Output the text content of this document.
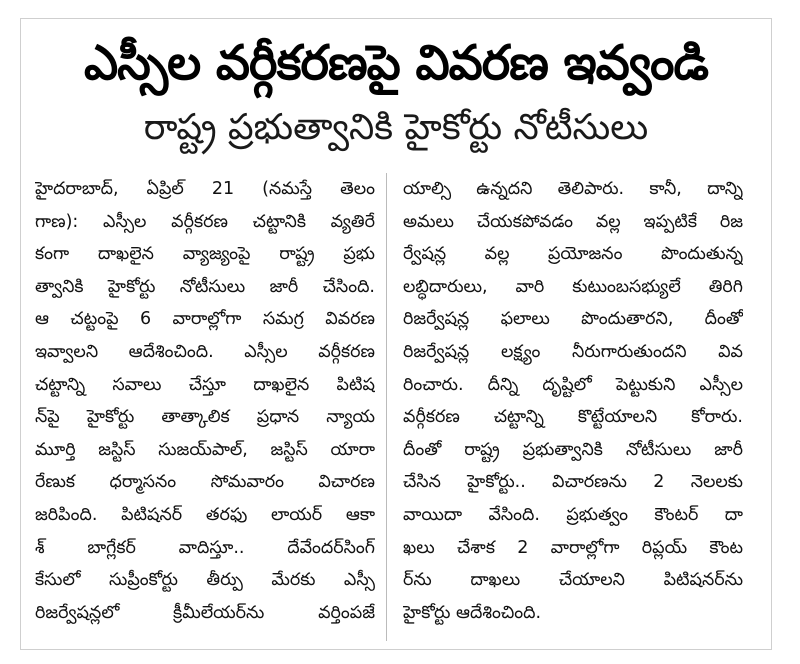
ఎస్సీల వర్గీకరణపై వివరణ ఇవ్వండి
రాష్ట్ర ప్రభుత్వానికి హైకోర్టు నోటీసులు
హైదరాబాద్, ఏప్రిల్ 21 (నమస్తే తెలం
గాణ): ఎస్సీల వర్గీకరణ చట్టానికి వ్యతిరే
కంగా దాఖలైన వ్యాజ్యంపై రాష్ట్ర ప్రభు
త్వానికి హైకోర్టు నోటీసులు జారీ చేసింది.
ఆ చట్టంపై 6 వారాల్లోగా సమగ్ర వివరణ
ఇవ్వాలని ఆదేశించింది. ఎస్సీల వర్గీకరణ
చట్టాన్ని సవాలు చేస్తూ దాఖలైన పిటిష
న్‌పై హైకోర్టు తాత్కాలిక ప్రధాన న్యాయ
మూర్తి జస్టిస్ సుజయ్‌పాల్, జస్టిస్ యారా
రేణుక ధర్మాసనం సోమవారం విచారణ
జరిపింది. పిటిషనర్ తరఫు లాయర్ ఆకా
శ్ బాగ్లేకర్ వాదిస్తూ.. దేవేందర్‌సింగ్
కేసులో సుప్రీంకోర్టు తీర్పు మేరకు ఎస్సీ
రిజర్వేషన్లలో క్రీమీలేయర్‌ను వర్తింపజే
యాల్సి ఉన్నదని తెలిపారు. కానీ, దాన్ని
అమలు చేయకపోవడం వల్ల ఇప్పటికే రిజ
ర్వేషన్ల వల్ల ప్రయోజనం పొందుతున్న
లబ్ధిదారులు, వారి కుటుంబసభ్యులే తిరిగి
రిజర్వేషన్ల ఫలాలు పొందుతారని, దీంతో
రిజర్వేషన్ల లక్ష్యం నీరుగారుతుందని వివ
రించారు. దీన్ని దృష్టిలో పెట్టుకుని ఎస్సీల
వర్గీకరణ చట్టాన్ని కొట్టేయాలని కోరారు.
దీంతో రాష్ట్ర ప్రభుత్వానికి నోటీసులు జారీ
చేసిన హైకోర్టు.. విచారణను 2 నెలలకు
వాయిదా వేసింది. ప్రభుత్వం కౌంటర్ దా
ఖలు చేశాక 2 వారాల్లోగా రిప్లయ్ కౌంట
ర్‌ను దాఖలు చేయాలని పిటిషనర్‌ను
హైకోర్టు ఆదేశించింది.
